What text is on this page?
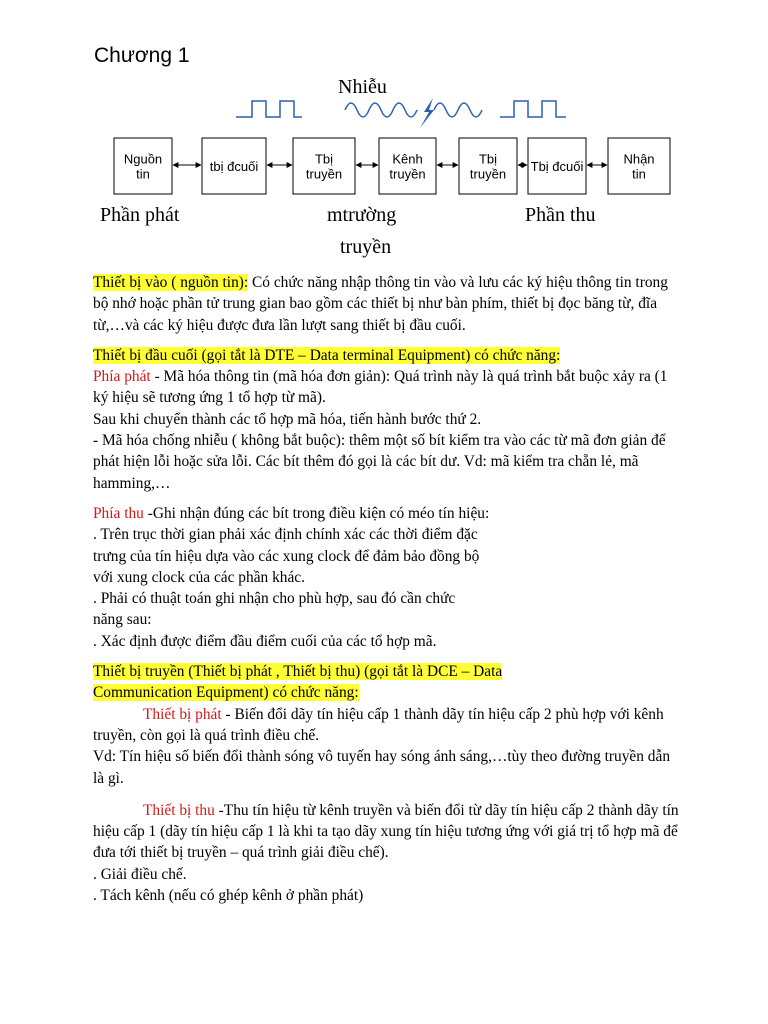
Chương 1
Nhiễu
Nguồn
tin	tbị đcuối	Tbị
truyền
Kênh
truyền
Tbị
truyền Tbị đcuối	Nhận
tin
Phần phát	mtrường
truyền
Phần thu

Thiết bị vào ( nguồn tin): Có chức năng nhập thông tin vào và lưu các ký hiệu thông tin trong bộ nhớ hoặc phần tử trung gian bao gồm các thiết bị như bàn phím, thiết bị đọc băng từ, đĩa từ,…và các ký hiệu được đưa lần lượt sang thiết bị đầu cuối.

Thiết bị đầu cuối (gọi tắt là DTE – Data terminal Equipment) có chức năng:
Phía phát - Mã hóa thông tin (mã hóa đơn giản): Quá trình này là quá trình bắt buộc xảy ra (1 ký hiệu sẽ tương ứng 1 tổ hợp từ mã).
Sau khi chuyển thành các tổ hợp mã hóa, tiến hành bước thứ 2.
- Mã hóa chống nhiễu ( không bắt buộc): thêm một số bít kiểm tra vào các từ mã đơn giản để phát hiện lỗi hoặc sửa lỗi. Các bít thêm đó gọi là các bít dư. Vd: mã kiểm tra chẵn lẻ, mã hamming,…

Phía thu -Ghi nhận đúng các bít trong điều kiện có méo tín hiệu:
. Trên trục thời gian phải xác định chính xác các thời điểm đặc
trưng của tín hiệu dựa vào các xung clock để đảm bảo đồng bộ
với xung clock của các phần khác.
. Phải có thuật toán ghi nhận cho phù hợp, sau đó cần chức
năng sau:
. Xác định được điểm đầu điểm cuối của các tổ hợp mã.

Thiết bị truyền (Thiết bị phát , Thiết bị thu) (gọi tắt là DCE – Data
Communication Equipment) có chức năng:
Thiết bị phát - Biến đổi dãy tín hiệu cấp 1 thành dãy tín hiệu cấp 2 phù hợp với kênh truyền, còn gọi là quá trình điều chế.
Vd: Tín hiệu số biến đổi thành sóng vô tuyến hay sóng ánh sáng,…tùy theo đường truyền dẫn là gì.

Thiết bị thu -Thu tín hiệu từ kênh truyền và biến đổi từ dãy tín hiệu cấp 2 thành dãy tín hiệu cấp 1 (dãy tín hiệu cấp 1 là khi ta tạo dãy xung tín hiệu tương ứng với giá trị tổ hợp mã để đưa tới thiết bị truyền – quá trình giải điều chế).
. Giải điều chế.
. Tách kênh (nếu có ghép kênh ở phần phát)
